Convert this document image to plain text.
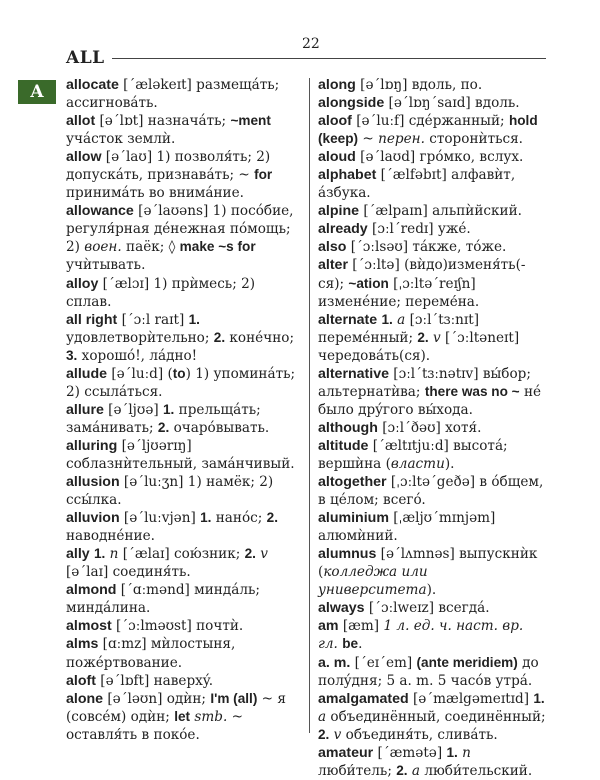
ALL
22
A	allocate [ˊæləkeɪt] размещáть; ассигновáть.

allot [əˊlɒt] назначáть; ~ment учáсток землѝ.

allow [əˊlaʊ] 1) позволя́ть; 2) допускáть, признавáть; ~ for принимáть во внимáние.

allowance [əˊlaʊəns] 1) посóбие, регуля́рная дéнежная пóмощь; 2) воен. паёк; ◊ make ~s for учѝтывать.

alloy [ˊælɔɪ] 1) прѝмесь; 2) сплав.

all right [ˊɔːl raɪt] 1. удовлетворѝтельно; 2. конéчно; 3. хорошó!, лáдно!

allude [əˊluːd] (to) 1) упоминáть; 2) ссылáться.

allure [əˊljʊə] 1. прельщáть; замáнивать; 2. очарóвывать.

alluring [əˊljʊərɪŋ] соблазнѝтельный, замáнчивый.

allusion [əˊluːʒn] 1) намёк; 2) ссы́лка.

alluvion [əˊluːvjən] 1. нанóс; 2. наводнéние.

ally 1. n [ˊælaɪ] сою́зник; 2. v [əˊlaɪ] соединя́ть.

almond [ˊɑːmənd] миндáль; миндáлина.

almost [ˊɔːlməʊst] почтѝ.

alms [ɑːmz] мѝлостыня, пожéртвование.

aloft [əˊlɒft] наверхý.

alone [əˊləʊn] одѝн; I'm (all) ~ я (совсéм) одѝн; let smb. ~ оставля́ть в покóе.

along [əˊlɒŋ] вдоль, по.

alongside [əˊlɒŋˊsaɪd] вдоль.

aloof [əˊluːf] сдéржанный; hold (keep) ~ перен. сторонѝться.

aloud [əˊlaʊd] грóмко, вслух.

alphabet [ˊælfəbɪt] алфавѝт, áзбука.

alpine [ˊælpaɪn] альпѝйский.

already [ɔːlˊredɪ] ужé.

also [ˊɔːlsəʊ] тáкже, тóже.

alter [ˊɔːltə] (вѝдо)изменя́ть(-ся); ~ation [ˌɔːltəˊreɪʃn] изменéние; переме́на.

alternate 1. a [ɔːlˊtɜːnɪt] перемéнный; 2. v [ˊɔːltəneɪt] чередовáть(ся).

alternative [ɔːlˊtɜːnətɪv] вы́бор; альтернатѝва; there was no ~ нé было дрýгого вы́хода.

although [ɔːlˊðəʊ] хотя́.

altitude [ˊæltɪtjuːd] высотá; вершѝна (власти).

altogether [ˌɔːltəˊgeðə] в óбщем, в цéлом; всегó.

aluminium [ˌæljʊˊmɪnjəm] алюмѝний.

alumnus [əˊlʌmnəs] выпускнѝк (колледжа или университета).

always [ˊɔːlweɪz] всегдá.

am [æm] 1 л. ед. ч. наст. вр. гл. be.

a. m. [ˊeɪˊem] (ante meridiem) до полýдня; 5 a. m. 5 часóв утрá.

amalgamated [əˊmælgəmeɪtɪd] 1. a объединённый, соединённый; 2. v объединя́ть, сливáть.

amateur [ˊæmətə] 1. n люби́тель; 2. a люби́тельский.
